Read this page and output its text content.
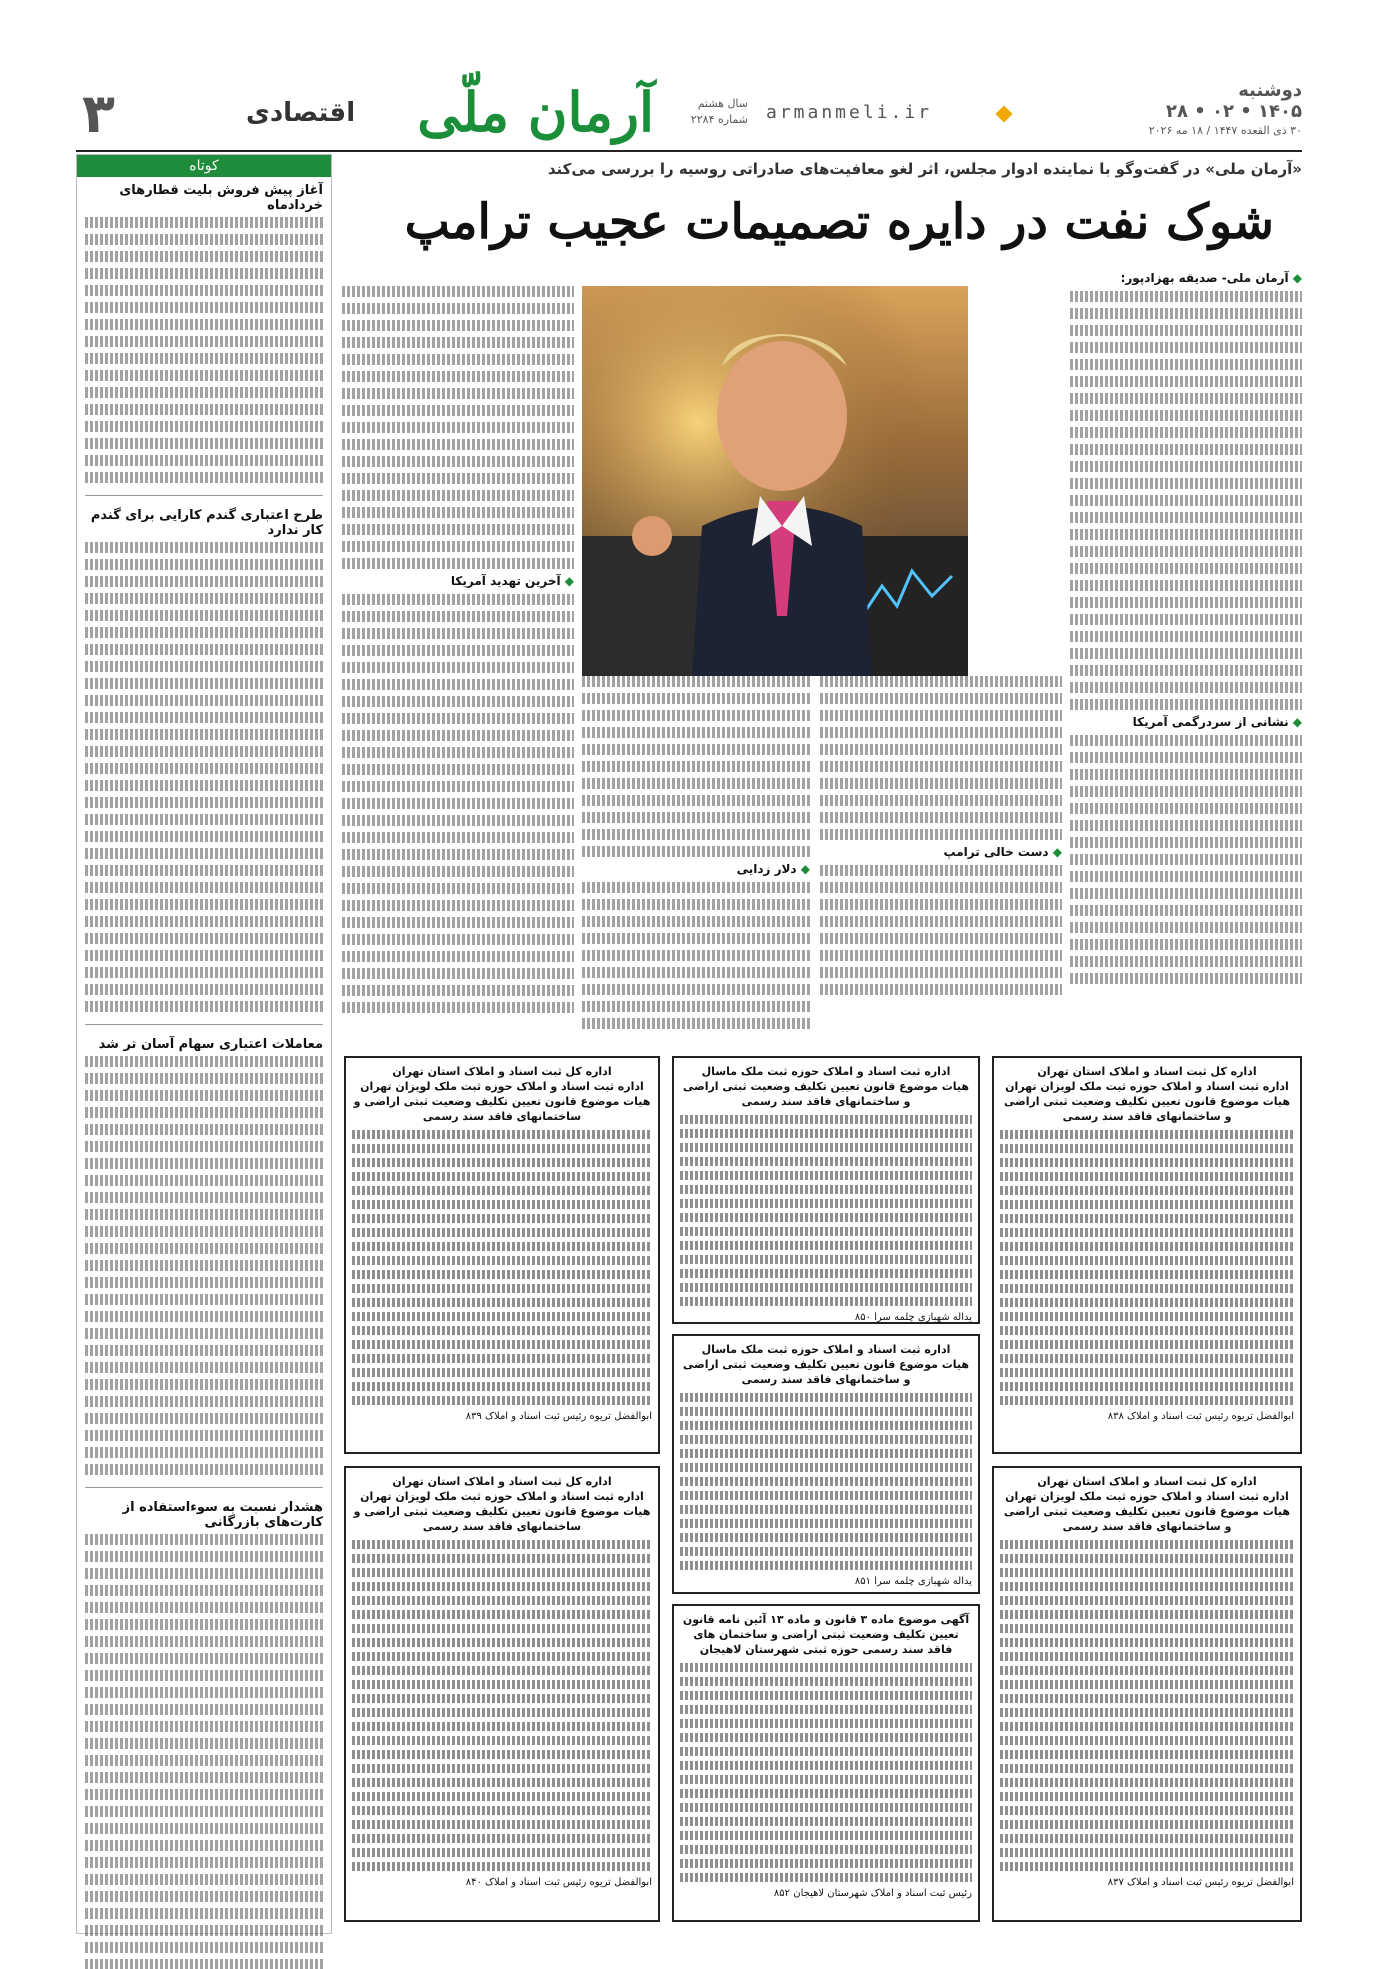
۳	اقتصادی آرمان ملّی	سال هشتم
شماره ۲۲۸۴ armanmeli.ir
دوشنبه
۲۸ • ۰۲ • ۱۴۰۵
۳۰ ذی القعده ۱۴۴۷ / ۱۸ مه ۲۰۲۶
کوتاه
آغاز پیش فروش بلیت قطارهای خردادماه
طرح اعتباری گندم کارایی برای گندم کار ندارد
معاملات اعتباری سهام آسان تر شد
هشدار نسبت به سوءاستفاده از کارت‌های بازرگانی
«آرمان ملی» در گفت‌وگو با نماینده ادوار مجلس، اثر لغو معافیت‌های صادراتی روسیه را بررسی می‌کند
شوک نفت در دایره تصمیمات عجیب ترامپ
◆ آرمان ملی- صدیقه بهزادپور:
◆ نشانی از سردرگمی آمریکا
◆ دست خالی ترامپ
◆ دلار زدایی
◆ آخرین تهدید آمریکا
اداره کل ثبت اسناد و املاک استان تهران
اداره ثبت اسناد و املاک حوزه ثبت ملک لویزان تهران
هیات موضوع قانون تعیین تکلیف وضعیت ثبتی اراضی و ساختمانهای فاقد سند رسمی
ابوالفضل تریوه رئیس ثبت اسناد و املاک ۸۳۸
اداره ثبت اسناد و املاک حوزه ثبت ملک ماسال
هیات موضوع قانون تعیین تکلیف وضعیت ثبتی اراضی و ساختمانهای فاقد سند رسمی
یداله شهبازی چلمه سرا ۸۵۰
اداره کل ثبت اسناد و املاک استان تهران
اداره ثبت اسناد و املاک حوزه ثبت ملک لویزان تهران
هیات موضوع قانون تعیین تکلیف وضعیت ثبتی اراضی و ساختمانهای فاقد سند رسمی
ابوالفضل تریوه رئیس ثبت اسناد و املاک ۸۳۹
اداره کل ثبت اسناد و املاک استان تهران
اداره ثبت اسناد و املاک حوزه ثبت ملک لویزان تهران
هیات موضوع قانون تعیین تکلیف وضعیت ثبتی اراضی و ساختمانهای فاقد سند رسمی
ابوالفضل تریوه رئیس ثبت اسناد و املاک ۸۳۷
اداره ثبت اسناد و املاک حوزه ثبت ملک ماسال
هیات موضوع قانون تعیین تکلیف وضعیت ثبتی اراضی و ساختمانهای فاقد سند رسمی
یداله شهبازی چلمه سرا ۸۵۱
اداره کل ثبت اسناد و املاک استان تهران
اداره ثبت اسناد و املاک حوزه ثبت ملک لویزان تهران
هیات موضوع قانون تعیین تکلیف وضعیت ثبتی اراضی و ساختمانهای فاقد سند رسمی
ابوالفضل تریوه رئیس ثبت اسناد و املاک ۸۴۰
آگهی موضوع ماده ۳ قانون و ماده ۱۳ آئین نامه قانون تعیین تکلیف وضعیت ثبتی اراضی و ساختمان های فاقد سند رسمی حوزه ثبتی شهرستان لاهیجان
رئیس ثبت اسناد و املاک شهرستان لاهیجان ۸۵۲
